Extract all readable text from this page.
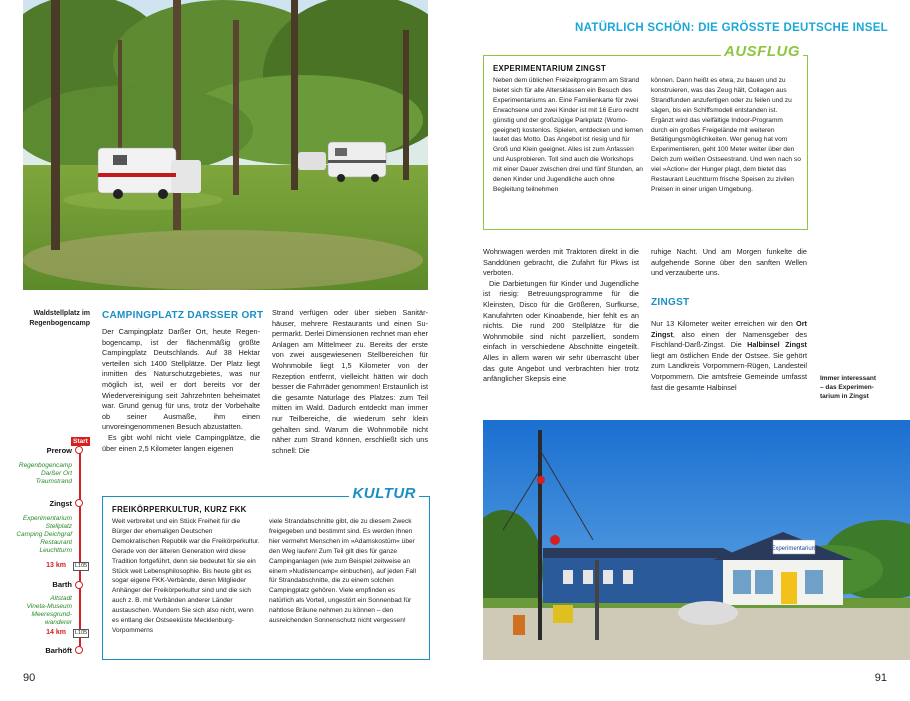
Waldstellplatz im
Regenbogencamp
CAMPINGPLATZ DARSSER ORT

Der Campingplatz Darßer Ort, heute Regenbogencamp, ist der flächenmäßig größte Campingplatz Deutschlands. Auf 38 Hektar verteilen sich 1400 Stellplätze. Der Platz liegt inmitten des Naturschutzgebietes, was nur möglich ist, weil er dort bereits vor der Wiedervereinigung seit Jahrzehnten beheimatet war. Grund genug für uns, trotz der Vorbehalte ob seiner Ausmaße, ihm einen unvoreingenommenen Besuch abzustatten.

Es gibt wohl nicht viele Campingplätze, die über einen 2,5 Kilometer langen eigenen

Strand verfügen oder über sieben Sanitärhäuser, mehrere Restaurants und einen Supermarkt. Derlei Dimensionen rechnet man eher Anlagen am Mittelmeer zu. Bereits der erste von zwei ausgewiesenen Stellbereichen für Wohnmobile liegt 1,5 Kilometer von der Rezeption entfernt, vielleicht hätten wir doch besser die Fahrräder genommen! Erstaunlich ist die gesamte Naturlage des Platzes: zum Teil mitten im Wald. Dadurch entdeckt man immer nur Teilbereiche, die wiederum sehr klein gehalten sind. Warum die Wohnmobile nicht näher zum Strand können, erschließt sich uns schnell: Die

Start
Prerow
Regenbogencamp
Darßer Ort
Traumstrand
Zingst
Experimentarium
Stellplatz
Camping Deichgraf
Restaurant
Leuchtturm
13 km	L105
Barth
Altstadt
Vineta-Museum
Meeresgrund-
wanderer
14 km	L105
Barhöft
KULTUR
FREIKÖRPERKULTUR, KURZ FKK
Weit verbreitet und ein Stück Freiheit für die Bürger der ehemaligen Deutschen Demokratischen Republik war die Freikörperkultur. Gerade von der älteren Generation wird diese Tradition fortgeführt, denn sie bedeutet für sie ein Stück weit Lebensphilosophie. Bis heute gibt es sogar eigene FKK-Verbände, deren Mitglieder Anhänger der Freikörperkultur sind und die sich auch z. B. mit Verbänden anderer Länder austauschen. Wundern Sie sich also nicht, wenn es entlang der Ostseeküste Mecklenburg-Vorpommerns
viele Strandabschnitte gibt, die zu diesem Zweck freigegeben und bestimmt sind. Es werden Ihnen hier vermehrt Menschen im »Adamskostüm« über den Weg laufen! Zum Teil gilt dies für ganze Campinganlagen (wie zum Beispiel zeitweise an einem »Nudistencamp« einbuchen), auf jeden Fall für Strandabschnitte, die zu einem solchen Campingplatz gehören. Viele empfinden es natürlich als Vorteil, ungestört ein Sonnenbad für nahtlose Bräune nehmen zu können – den ausreichenden Sonnenschutz nicht vergessen!
90
NATÜRLICH SCHÖN: DIE GRÖSSTE DEUTSCHE INSEL
AUSFLUG
EXPERIMENTARIUM ZINGST
Neben dem üblichen Freizeitprogramm am Strand bietet sich für alle Altersklassen ein Besuch des Experimentariums an. Eine Familienkarte für zwei Erwachsene und zwei Kinder ist mit 16 Euro recht günstig und der großzügige Parkplatz (Womo-geeignet) kostenlos. Spielen, entdecken und lernen lautet das Motto. Das Angebot ist riesig und für Groß und Klein geeignet. Alles ist zum Anfassen und Ausprobieren. Toll sind auch die Workshops mit einer Dauer zwischen drei und fünf Stunden, an denen Kinder und Jugendliche auch ohne Begleitung teilnehmen
können. Dann heißt es etwa, zu bauen und zu konstruieren, was das Zeug hält, Collagen aus Strandfunden anzufertigen oder zu feilen und zu sägen, bis ein Schiffsmodell entstanden ist. Ergänzt wird das vielfältige Indoor-Programm durch ein großes Freigelände mit weiteren Betätigungsmöglichkeiten. Wer genug hat vom Experimentieren, geht 100 Meter weiter über den Deich zum weißen Ostseestrand. Und wen nach so viel »Action« der Hunger plagt, dem bietet das Restaurant Leuchtturm frische Speisen zu zivilen Preisen in einer urigen Umgebung.

Wohnwagen werden mit Traktoren direkt in die Sanddünen gebracht, die Zufahrt für Pkws ist verboten.

Die Darbietungen für Kinder und Jugendliche ist riesig: Betreuungsprogramme für die Kleinsten, Disco für die Größeren, Surfkurse, Kanufahrten oder Kinoabende, hier fehlt es an nichts. Die rund 200 Stellplätze für die Wohnmobile sind nicht parzelliert, sondern einfach in verschiedene Abschnitte eingeteilt. Alles in allem waren wir sehr überrascht über das gute Angebot und verbrachten hier trotz anfänglicher Skepsis eine

ruhige Nacht. Und am Morgen funkelte die aufgehende Sonne über den sanften Wellen und verzauberte uns.

ZINGST

Nur 13 Kilometer weiter erreichen wir den Ort Zingst, also einen der Namensgeber des Fischland-Darß-Zingst. Die Halbinsel Zingst liegt am östlichen Ende der Ostsee. Sie gehört zum Landkreis Vorpommern-Rügen, Landesteil Vorpommern. Die amtsfreie Gemeinde umfasst fast die gesamte Halbinsel

Immer interessant
– das Experimen-
tarium in Zingst
Experimentarium
91
